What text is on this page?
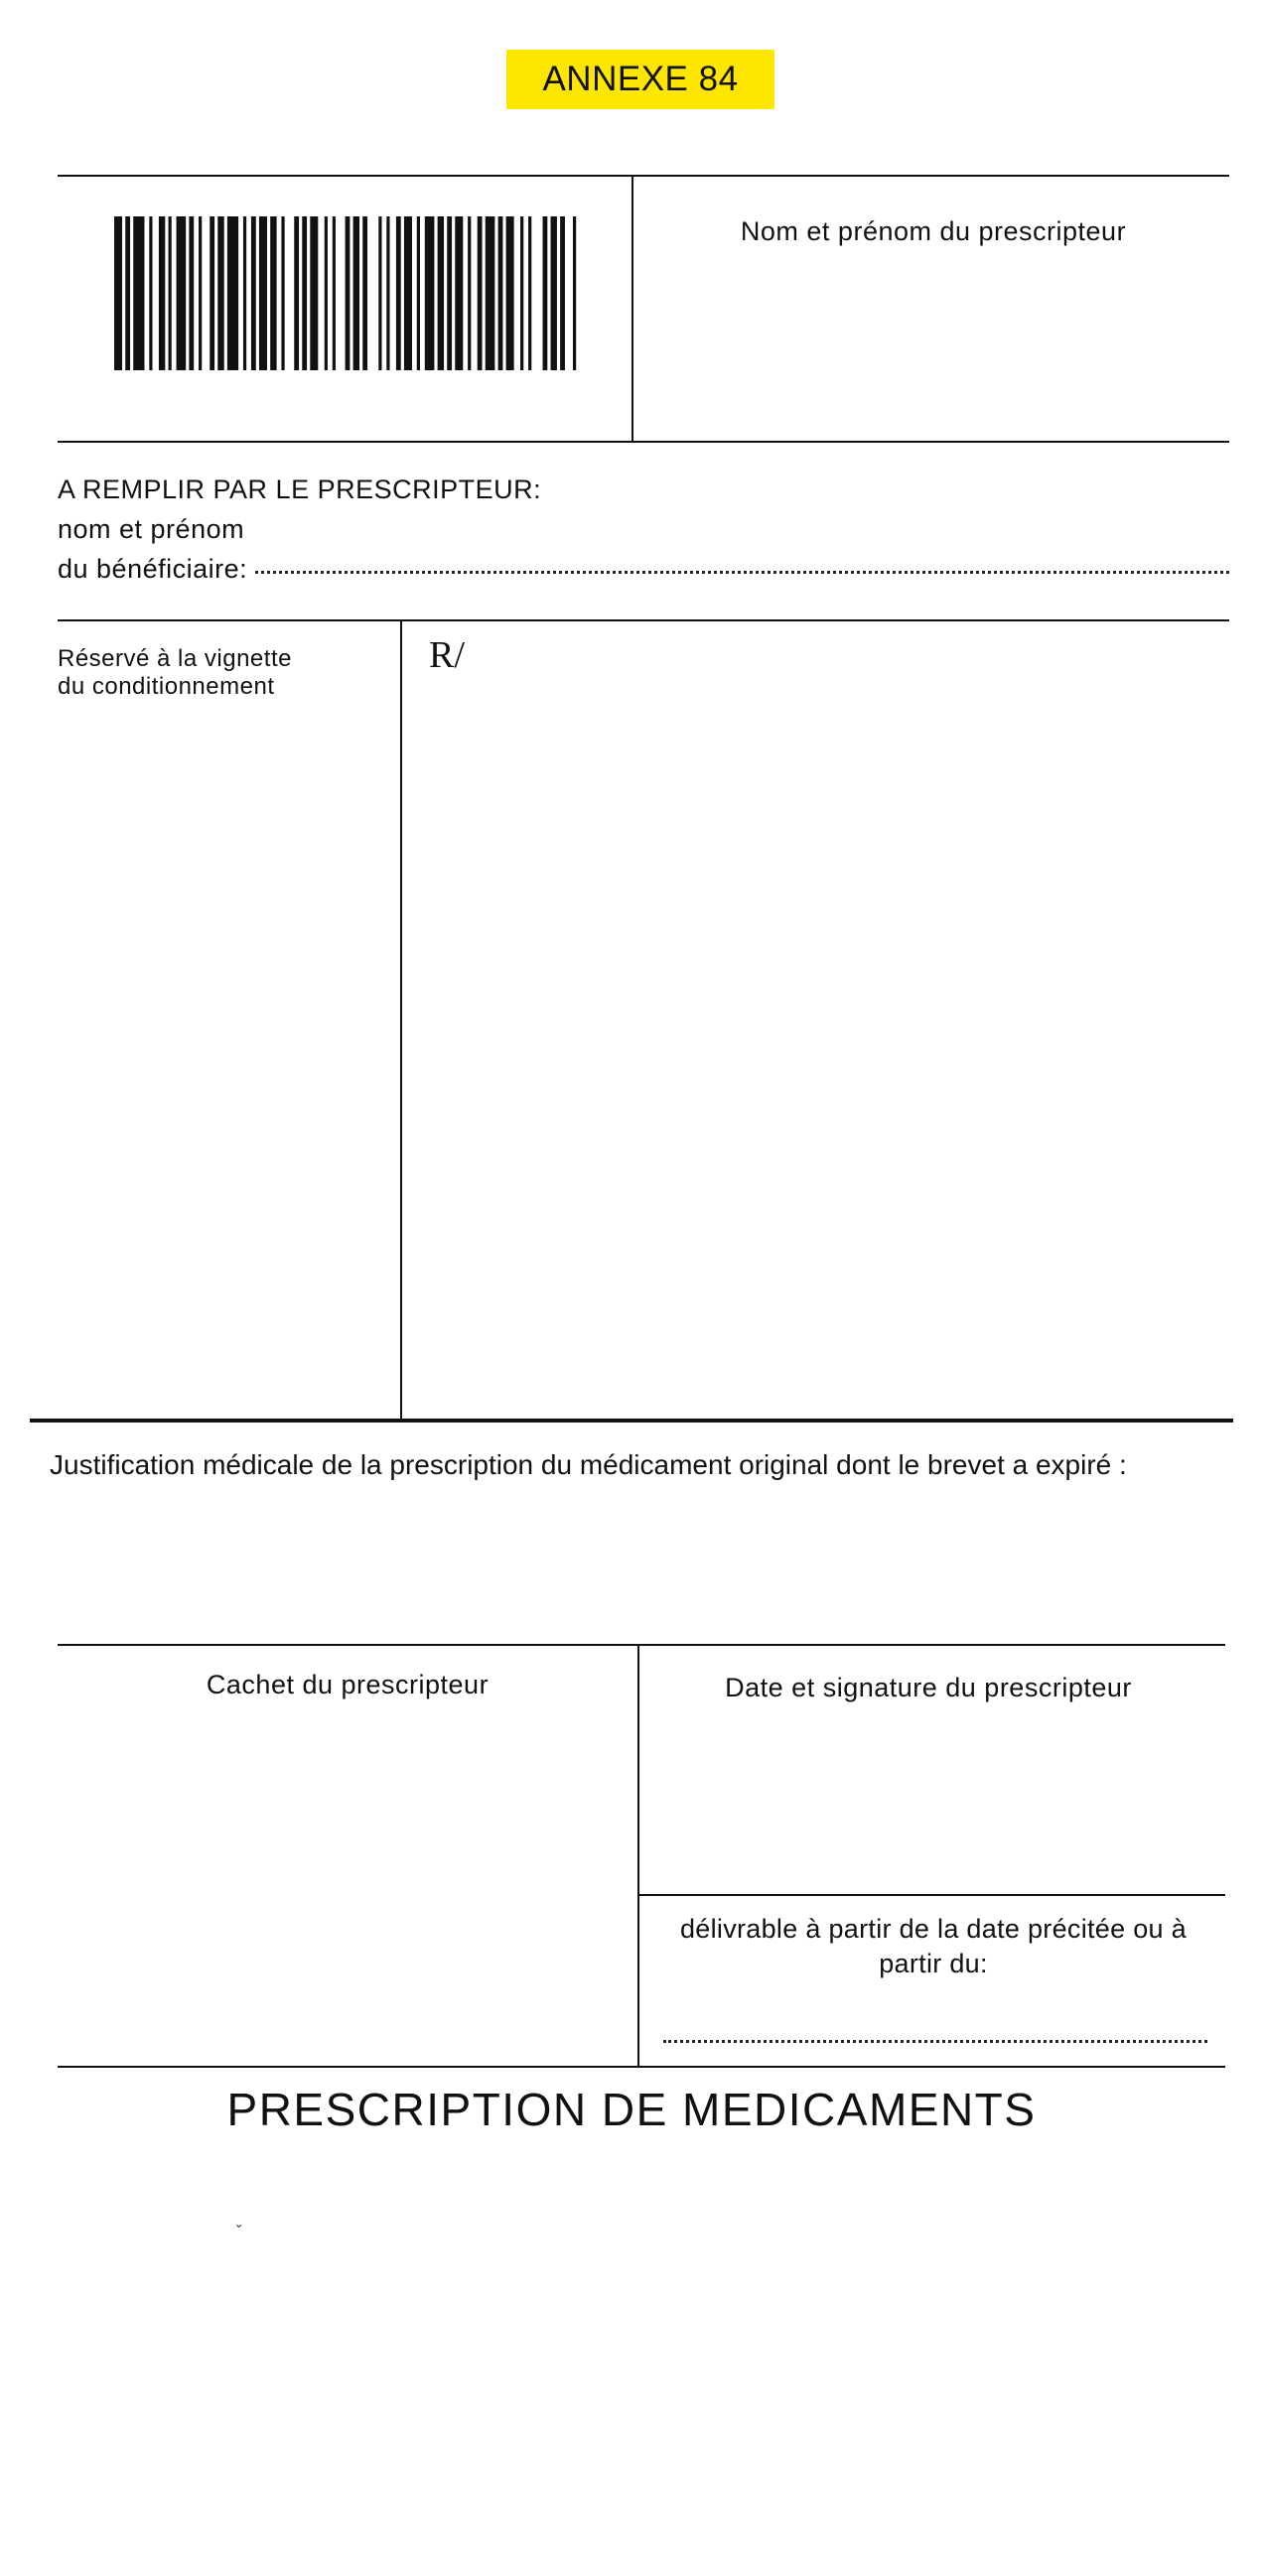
ANNEXE 84
Nom et prénom du prescripteur
A REMPLIR PAR LE PRESCRIPTEUR:
nom et prénom
du bénéficiaire:
Réservé à la vignette
du conditionnement
R/
Justification médicale de la prescription du médicament original dont le brevet a expiré :
Cachet du prescripteur	Date et signature du prescripteur
délivrable à partir de la date précitée ou à partir du:
PRESCRIPTION DE MEDICAMENTS
ˇ
